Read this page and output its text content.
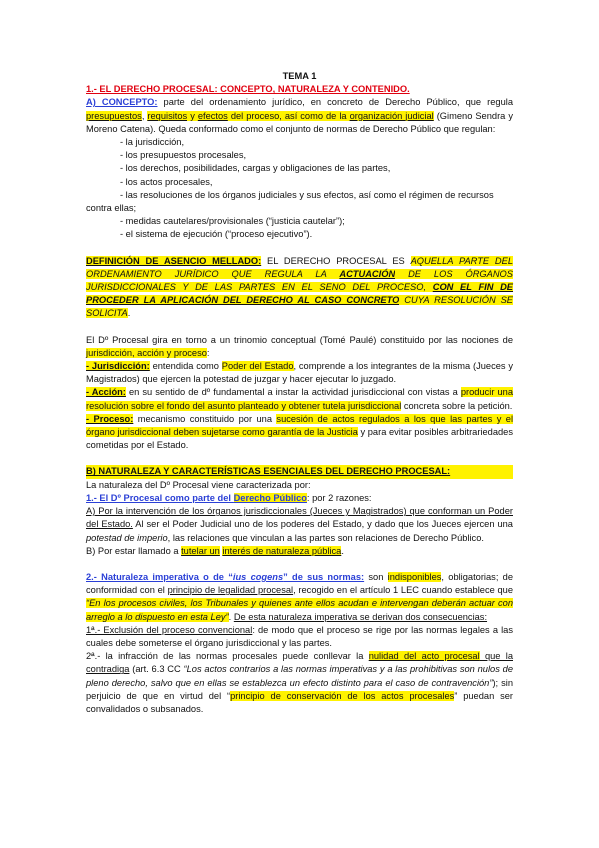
TEMA 1

1.- EL DERECHO PROCESAL: CONCEPTO, NATURALEZA Y CONTENIDO.

A) CONCEPTO: parte del ordenamiento jurídico, en concreto de Derecho Público, que regula presupuestos, requisitos y efectos del proceso, así como de la organización judicial (Gimeno Sendra y Moreno Catena). Queda conformado como el conjunto de normas de Derecho Público que regulan:

- la jurisdicción,

- los presupuestos procesales,

- los derechos, posibilidades, cargas y obligaciones de las partes,

- los actos procesales,

- las resoluciones de los órganos judiciales y sus efectos, así como el régimen de recursos contra ellas;

- medidas cautelares/provisionales (“justicia cautelar”);

- el sistema de ejecución (“proceso ejecutivo”).

DEFINICIÓN DE ASENCIO MELLADO: EL DERECHO PROCESAL ES AQUELLA PARTE DEL ORDENAMIENTO JURÍDICO QUE REGULA LA ACTUACIÓN DE LOS ÓRGANOS JURISDICCIONALES Y DE LAS PARTES EN EL SENO DEL PROCESO, CON EL FIN DE PROCEDER LA APLICACIÓN DEL DERECHO AL CASO CONCRETO CUYA RESOLUCIÓN SE SOLICITA.

El Dº Procesal gira en torno a un trinomio conceptual (Tomé Paulé) constituido por las nociones de jurisdicción, acción y proceso:

- Jurisdicción: entendida como Poder del Estado, comprende a los integrantes de la misma (Jueces y Magistrados) que ejercen la potestad de juzgar y hacer ejecutar lo juzgado.

- Acción: en su sentido de dº fundamental a instar la actividad jurisdiccional con vistas a producir una resolución sobre el fondo del asunto planteado y obtener tutela jurisdiccional concreta sobre la petición.

- Proceso: mecanismo constituido por una sucesión de actos regulados a los que las partes y el órgano jurisdiccional deben sujetarse como garantía de la Justicia y para evitar posibles arbitrariedades cometidas por el Estado.

B) NATURALEZA Y CARACTERÍSTICAS ESENCIALES DEL DERECHO PROCESAL:

La naturaleza del Dº Procesal viene caracterizada por:

1.- El Dº Procesal como parte del Derecho Público: por 2 razones:

A) Por la intervención de los órganos jurisdiccionales (Jueces y Magistrados) que conforman un Poder del Estado. Al ser el Poder Judicial uno de los poderes del Estado, y dado que los Jueces ejercen una potestad de imperio, las relaciones que vinculan a las partes son relaciones de Derecho Público.

B) Por estar llamado a tutelar un interés de naturaleza pública.

2.- Naturaleza imperativa o de “ius cogens” de sus normas: son indisponibles, obligatorias; de conformidad con el principio de legalidad procesal, recogido en el artículo 1 LEC cuando establece que “En los procesos civiles, los Tribunales y quienes ante ellos acudan e intervengan deberán actuar con arreglo a lo dispuesto en esta Ley”. De esta naturaleza imperativa se derivan dos consecuencias:

1ª.- Exclusión del proceso convencional: de modo que el proceso se rige por las normas legales a las cuales debe someterse el órgano jurisdiccional y las partes.

2ª.- la infracción de las normas procesales puede conllevar la nulidad del acto procesal que la contradiga (art. 6.3 CC “Los actos contrarios a las normas imperativas y a las prohibitivas son nulos de pleno derecho, salvo que en ellas se establezca un efecto distinto para el caso de contravención”); sin perjuicio de que en virtud del “principio de conservación de los actos procesales” puedan ser convalidados o subsanados.
